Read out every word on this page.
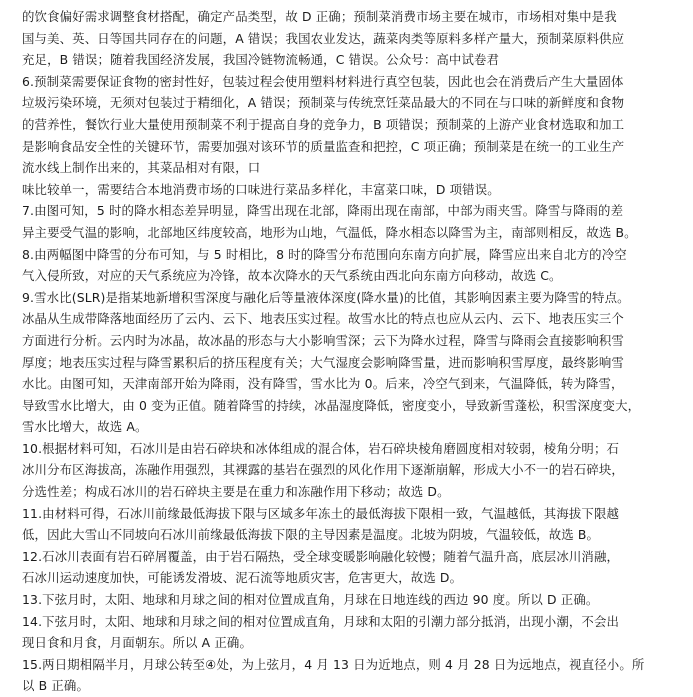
的饮食偏好需求调整食材搭配，确定产品类型，故 D 正确；预制菜消费市场主要在城市，市场相对集中是我
国与美、英、日等国共同存在的问题，A 错误；我国农业发达，蔬菜肉类等原料多样产量大，预制菜原料供应
充足，B 错误；随着我国经济发展，我国冷链物流畅通，C 错误。公众号：高中试卷君
6.预制菜需要保证食物的密封性好，包装过程会使用塑料材料进行真空包装，因此也会在消费后产生大量固体
垃圾污染环境，无须对包装过于精细化，A 错误；预制菜与传统烹饪菜品最大的不同在与口味的新鲜度和食物
的营养性，餐饮行业大量使用预制菜不利于提高自身的竞争力，B 项错误；预制菜的上游产业食材选取和加工
是影响食品安全性的关键环节，需要加强对该环节的质量监查和把控，C 项正确；预制菜是在统一的工业生产
流水线上制作出来的，其菜品相对有限，口
味比较单一，需要结合本地消费市场的口味进行菜品多样化，丰富菜口味，D 项错误。
7.由图可知，5 时的降水相态差异明显，降雪出现在北部，降雨出现在南部，中部为雨夹雪。降雪与降雨的差
异主要受气温的影响，北部地区纬度较高，地形为山地，气温低，降水相态以降雪为主，南部则相反，故选 B。
8.由两幅图中降雪的分布可知，与 5 时相比，8 时的降雪分布范围向东南方向扩展，降雪应出来自北方的冷空
气入侵所致，对应的天气系统应为冷锋，故本次降水的天气系统由西北向东南方向移动，故选 C。
9.雪水比(SLR)是指某地新增积雪深度与融化后等量液体深度(降水量)的比值，其影响因素主要为降雪的特点。
冰晶从生成带降落地面经历了云内、云下、地表压实过程。故雪水比的特点也应从云内、云下、地表压实三个
方面进行分析。云内时为冰晶，故冰晶的形态与大小影响雪深；云下为降水过程，降雪与降雨会直接影响积雪
厚度；地表压实过程与降雪累积后的挤压程度有关；大气湿度会影响降雪量，进而影响积雪厚度，最终影响雪
水比。由图可知，天津南部开始为降雨，没有降雪，雪水比为 0。后来，冷空气到来，气温降低，转为降雪，
导致雪水比增大，由 0 变为正值。随着降雪的持续，冰晶湿度降低，密度变小，导致新雪蓬松，积雪深度变大，
雪水比增大，故选 A。
10.根据材料可知，石冰川是由岩石碎块和冰体组成的混合体，岩石碎块棱角磨圆度相对较弱，棱角分明；石
冰川分布区海拔高，冻融作用强烈，其裸露的基岩在强烈的风化作用下逐渐崩解，形成大小不一的岩石碎块，
分选性差；构成石冰川的岩石碎块主要是在重力和冻融作用下移动；故选 D。
11.由材料可得，石冰川前缘最低海拔下限与区域多年冻土的最低海拔下限相一致，气温越低，其海拔下限越
低，因此大雪山不同坡向石冰川前缘最低海拔下限的主导因素是温度。北坡为阴坡，气温较低，故选 B。
12.石冰川表面有岩石碎屑覆盖，由于岩石隔热，受全球变暖影响融化较慢；随着气温升高，底层冰川消融，
石冰川运动速度加快，可能诱发滑坡、泥石流等地质灾害，危害更大，故选 D。
13.下弦月时，太阳、地球和月球之间的相对位置成直角，月球在日地连线的西边 90 度。所以 D 正确。
14.下弦月时，太阳、地球和月球之间的相对位置成直角，月球和太阳的引潮力部分抵消，出现小潮，不会出
现日食和月食，月面朝东。所以 A 正确。
15.两日期相隔半月，月球公转至④处，为上弦月，4 月 13 日为近地点，则 4 月 28 日为远地点，视直径小。所
以 B 正确。
